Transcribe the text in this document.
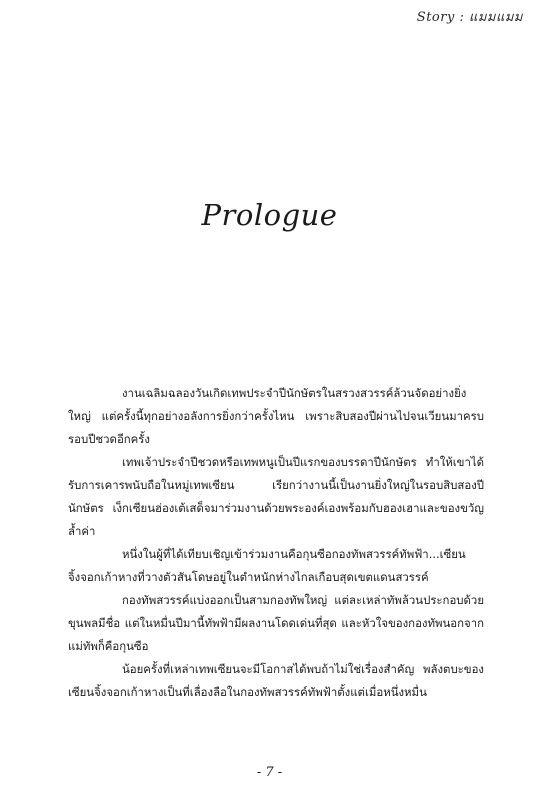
Story : แมมแมม
Prologue

งานเฉลิมฉลองวันเกิดเทพประจำปีนักษัตรในสรวงสวรรค์ล้วนจัดอย่างยิ่งใหญ่ แต่ครั้งนี้ทุกอย่างอลังการยิ่งกว่าครั้งไหน เพราะสิบสองปีผ่านไปจนเวียนมาครบรอบปีชวดอีกครั้ง

เทพเจ้าประจำปีชวดหรือเทพหนูเป็นปีแรกของบรรดาปีนักษัตร ทำให้เขาได้รับการเคารพนับถือในหมู่เทพเซียน เรียกว่างานนี้เป็นงานยิ่งใหญ่ในรอบสิบสองปีนักษัตร เง็กเซียนฮ่องเต้เสด็จมาร่วมงานด้วยพระองค์เองพร้อมกับฮองเฮาและของขวัญล้ำค่า

หนึ่งในผู้ที่ได้เทียบเชิญเข้าร่วมงานคือกุนซือกองทัพสวรรค์ทัพฟ้า...เซียนจิ้งจอกเก้าหางที่วางตัวสันโดษอยู่ในตำหนักห่างไกลเกือบสุดเขตแดนสวรรค์

กองทัพสวรรค์แบ่งออกเป็นสามกองทัพใหญ่ แต่ละเหล่าทัพล้วนประกอบด้วยขุนพลมีชื่อ แต่ในหมื่นปีมานี้ทัพฟ้ามีผลงานโดดเด่นที่สุด และหัวใจของกองทัพนอกจากแม่ทัพก็คือกุนซือ

น้อยครั้งที่เหล่าเทพเซียนจะมีโอกาสได้พบถ้าไม่ใช่เรื่องสำคัญ พลังตบะของเซียนจิ้งจอกเก้าหางเป็นที่เลื่องลือในกองทัพสวรรค์ทัพฟ้าตั้งแต่เมื่อหนึ่งหมื่น

- 7 -
